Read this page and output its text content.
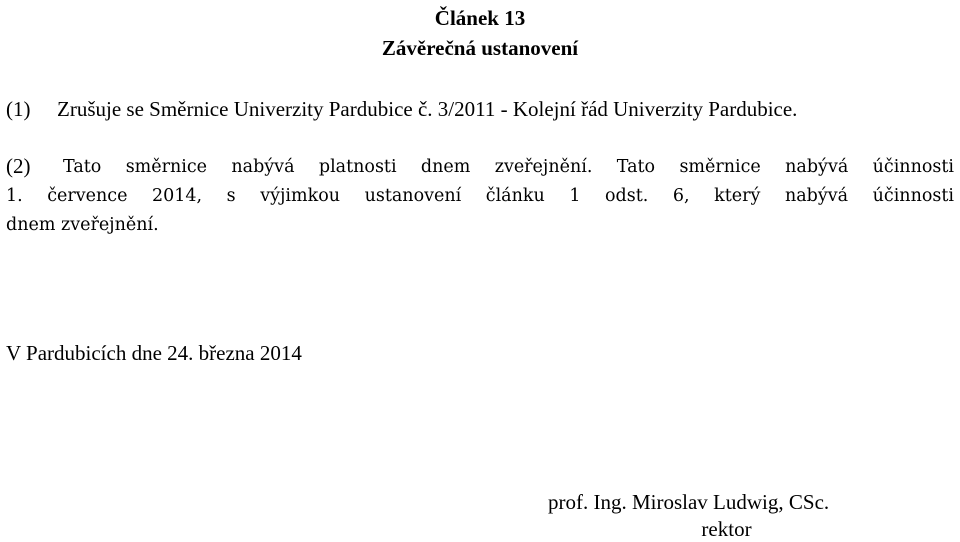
Článek 13
Závěrečná ustanovení
(1) Zrušuje se Směrnice Univerzity Pardubice č. 3/2011 - Kolejní řád Univerzity Pardubice.
(2) Tato směrnice nabývá platnosti dnem zveřejnění. Tato směrnice nabývá účinnosti
1. července 2014, s výjimkou ustanovení článku 1 odst. 6, který nabývá účinnosti
dnem zveřejnění.
V Pardubicích dne 24. března 2014
prof. Ing. Miroslav Ludwig, CSc.
rektor
